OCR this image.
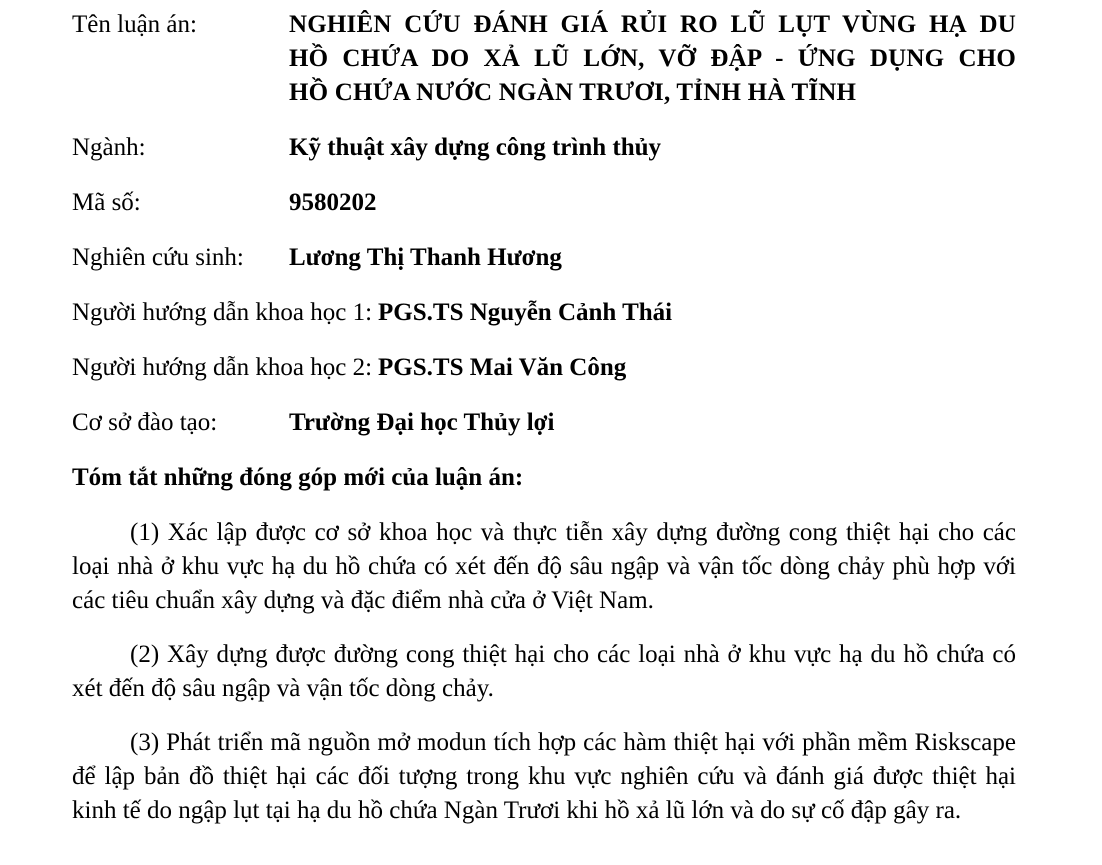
Tên luận án:	NGHIÊN CỨU ĐÁNH GIÁ RỦI RO LŨ LỤT VÙNG HẠ DU
HỒ CHỨA DO XẢ LŨ LỚN, VỠ ĐẬP - ỨNG DỤNG CHO
HỒ CHỨA NƯỚC NGÀN TRƯƠI, TỈNH HÀ TĨNH
Ngành:	Kỹ thuật xây dựng công trình thủy
Mã số:	9580202
Nghiên cứu sinh:	Lương Thị Thanh Hương
Người hướng dẫn khoa học 1: PGS.TS Nguyễn Cảnh Thái
Người hướng dẫn khoa học 2: PGS.TS Mai Văn Công
Cơ sở đào tạo:	Trường Đại học Thủy lợi
Tóm tắt những đóng góp mới của luận án:
(1) Xác lập được cơ sở khoa học và thực tiễn xây dựng đường cong thiệt hại cho các loại nhà ở khu vực hạ du hồ chứa có xét đến độ sâu ngập và vận tốc dòng chảy phù hợp với các tiêu chuẩn xây dựng và đặc điểm nhà cửa ở Việt Nam.
(2) Xây dựng được đường cong thiệt hại cho các loại nhà ở khu vực hạ du hồ chứa có xét đến độ sâu ngập và vận tốc dòng chảy.
(3) Phát triển mã nguồn mở modun tích hợp các hàm thiệt hại với phần mềm Riskscape để lập bản đồ thiệt hại các đối tượng trong khu vực nghiên cứu và đánh giá được thiệt hại kinh tế do ngập lụt tại hạ du hồ chứa Ngàn Trươi khi hồ xả lũ lớn và do sự cố đập gây ra.
